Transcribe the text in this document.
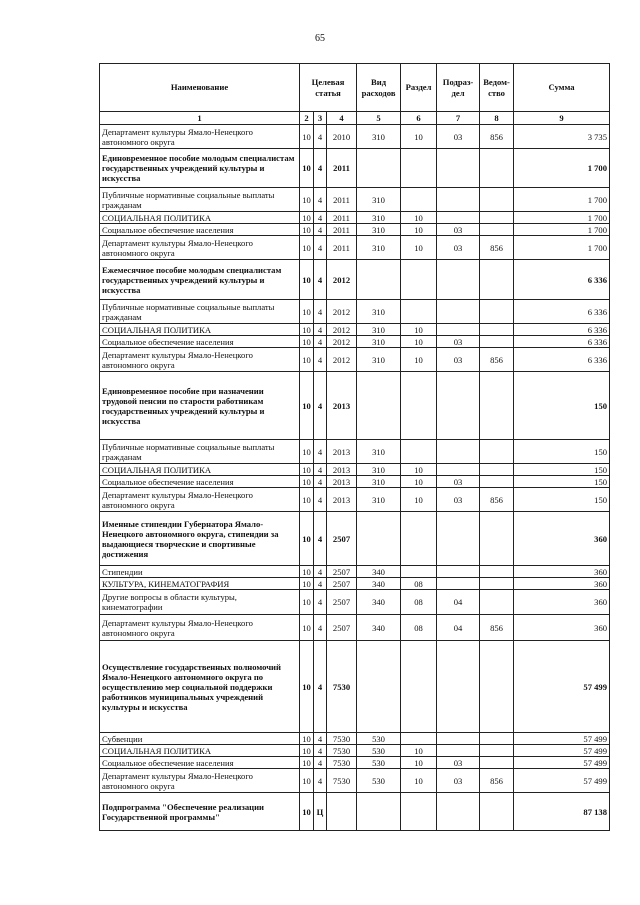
65
Наименование	Целевая статья			Вид расходов	Раздел	Подраз-дел	Ведом-ство	Сумма
1	2	3	4	5	6	7	8	9
Департамент культуры Ямало-Ненецкого автономного округа	10	4	2010	310	10	03	856	3 735
Единовременное пособие молодым специалистам государственных учреждений культуры и искусства	10	4	2011					1 700
Публичные нормативные социальные выплаты гражданам	10	4	2011	310				1 700
СОЦИАЛЬНАЯ ПОЛИТИКА	10	4	2011	310	10			1 700
Социальное обеспечение населения	10	4	2011	310	10	03		1 700
Департамент культуры Ямало-Ненецкого автономного округа	10	4	2011	310	10	03	856	1 700
Ежемесячное пособие молодым специалистам государственных учреждений культуры и искусства	10	4	2012					6 336
Публичные нормативные социальные выплаты гражданам	10	4	2012	310				6 336
СОЦИАЛЬНАЯ ПОЛИТИКА	10	4	2012	310	10			6 336
Социальное обеспечение населения	10	4	2012	310	10	03		6 336
Департамент культуры Ямало-Ненецкого автономного округа	10	4	2012	310	10	03	856	6 336
Единовременное пособие при назначении трудовой пенсии по старости работникам государственных учреждений культуры и искусства	10	4	2013					150
Публичные нормативные социальные выплаты гражданам	10	4	2013	310				150
СОЦИАЛЬНАЯ ПОЛИТИКА	10	4	2013	310	10			150
Социальное обеспечение населения	10	4	2013	310	10	03		150
Департамент культуры Ямало-Ненецкого автономного округа	10	4	2013	310	10	03	856	150
Именные стипендии Губернатора Ямало-Ненецкого автономного округа, стипендии за выдающиеся творческие и спортивные достижения	10	4	2507					360
Стипендии	10	4	2507	340				360
КУЛЬТУРА, КИНЕМАТОГРАФИЯ	10	4	2507	340	08			360
Другие вопросы в области культуры, кинематографии	10	4	2507	340	08	04		360
Департамент культуры Ямало-Ненецкого автономного округа	10	4	2507	340	08	04	856	360
Осуществление государственных полномочий Ямало-Ненецкого автономного округа по осуществлению мер социальной поддержки работников муниципальных учреждений культуры и искусства	10	4	7530					57 499
Субвенции	10	4	7530	530				57 499
СОЦИАЛЬНАЯ ПОЛИТИКА	10	4	7530	530	10			57 499
Социальное обеспечение населения	10	4	7530	530	10	03		57 499
Департамент культуры Ямало-Ненецкого автономного округа	10	4	7530	530	10	03	856	57 499
Подпрограмма "Обеспечение реализации Государственной программы"	10	Ц						87 138
